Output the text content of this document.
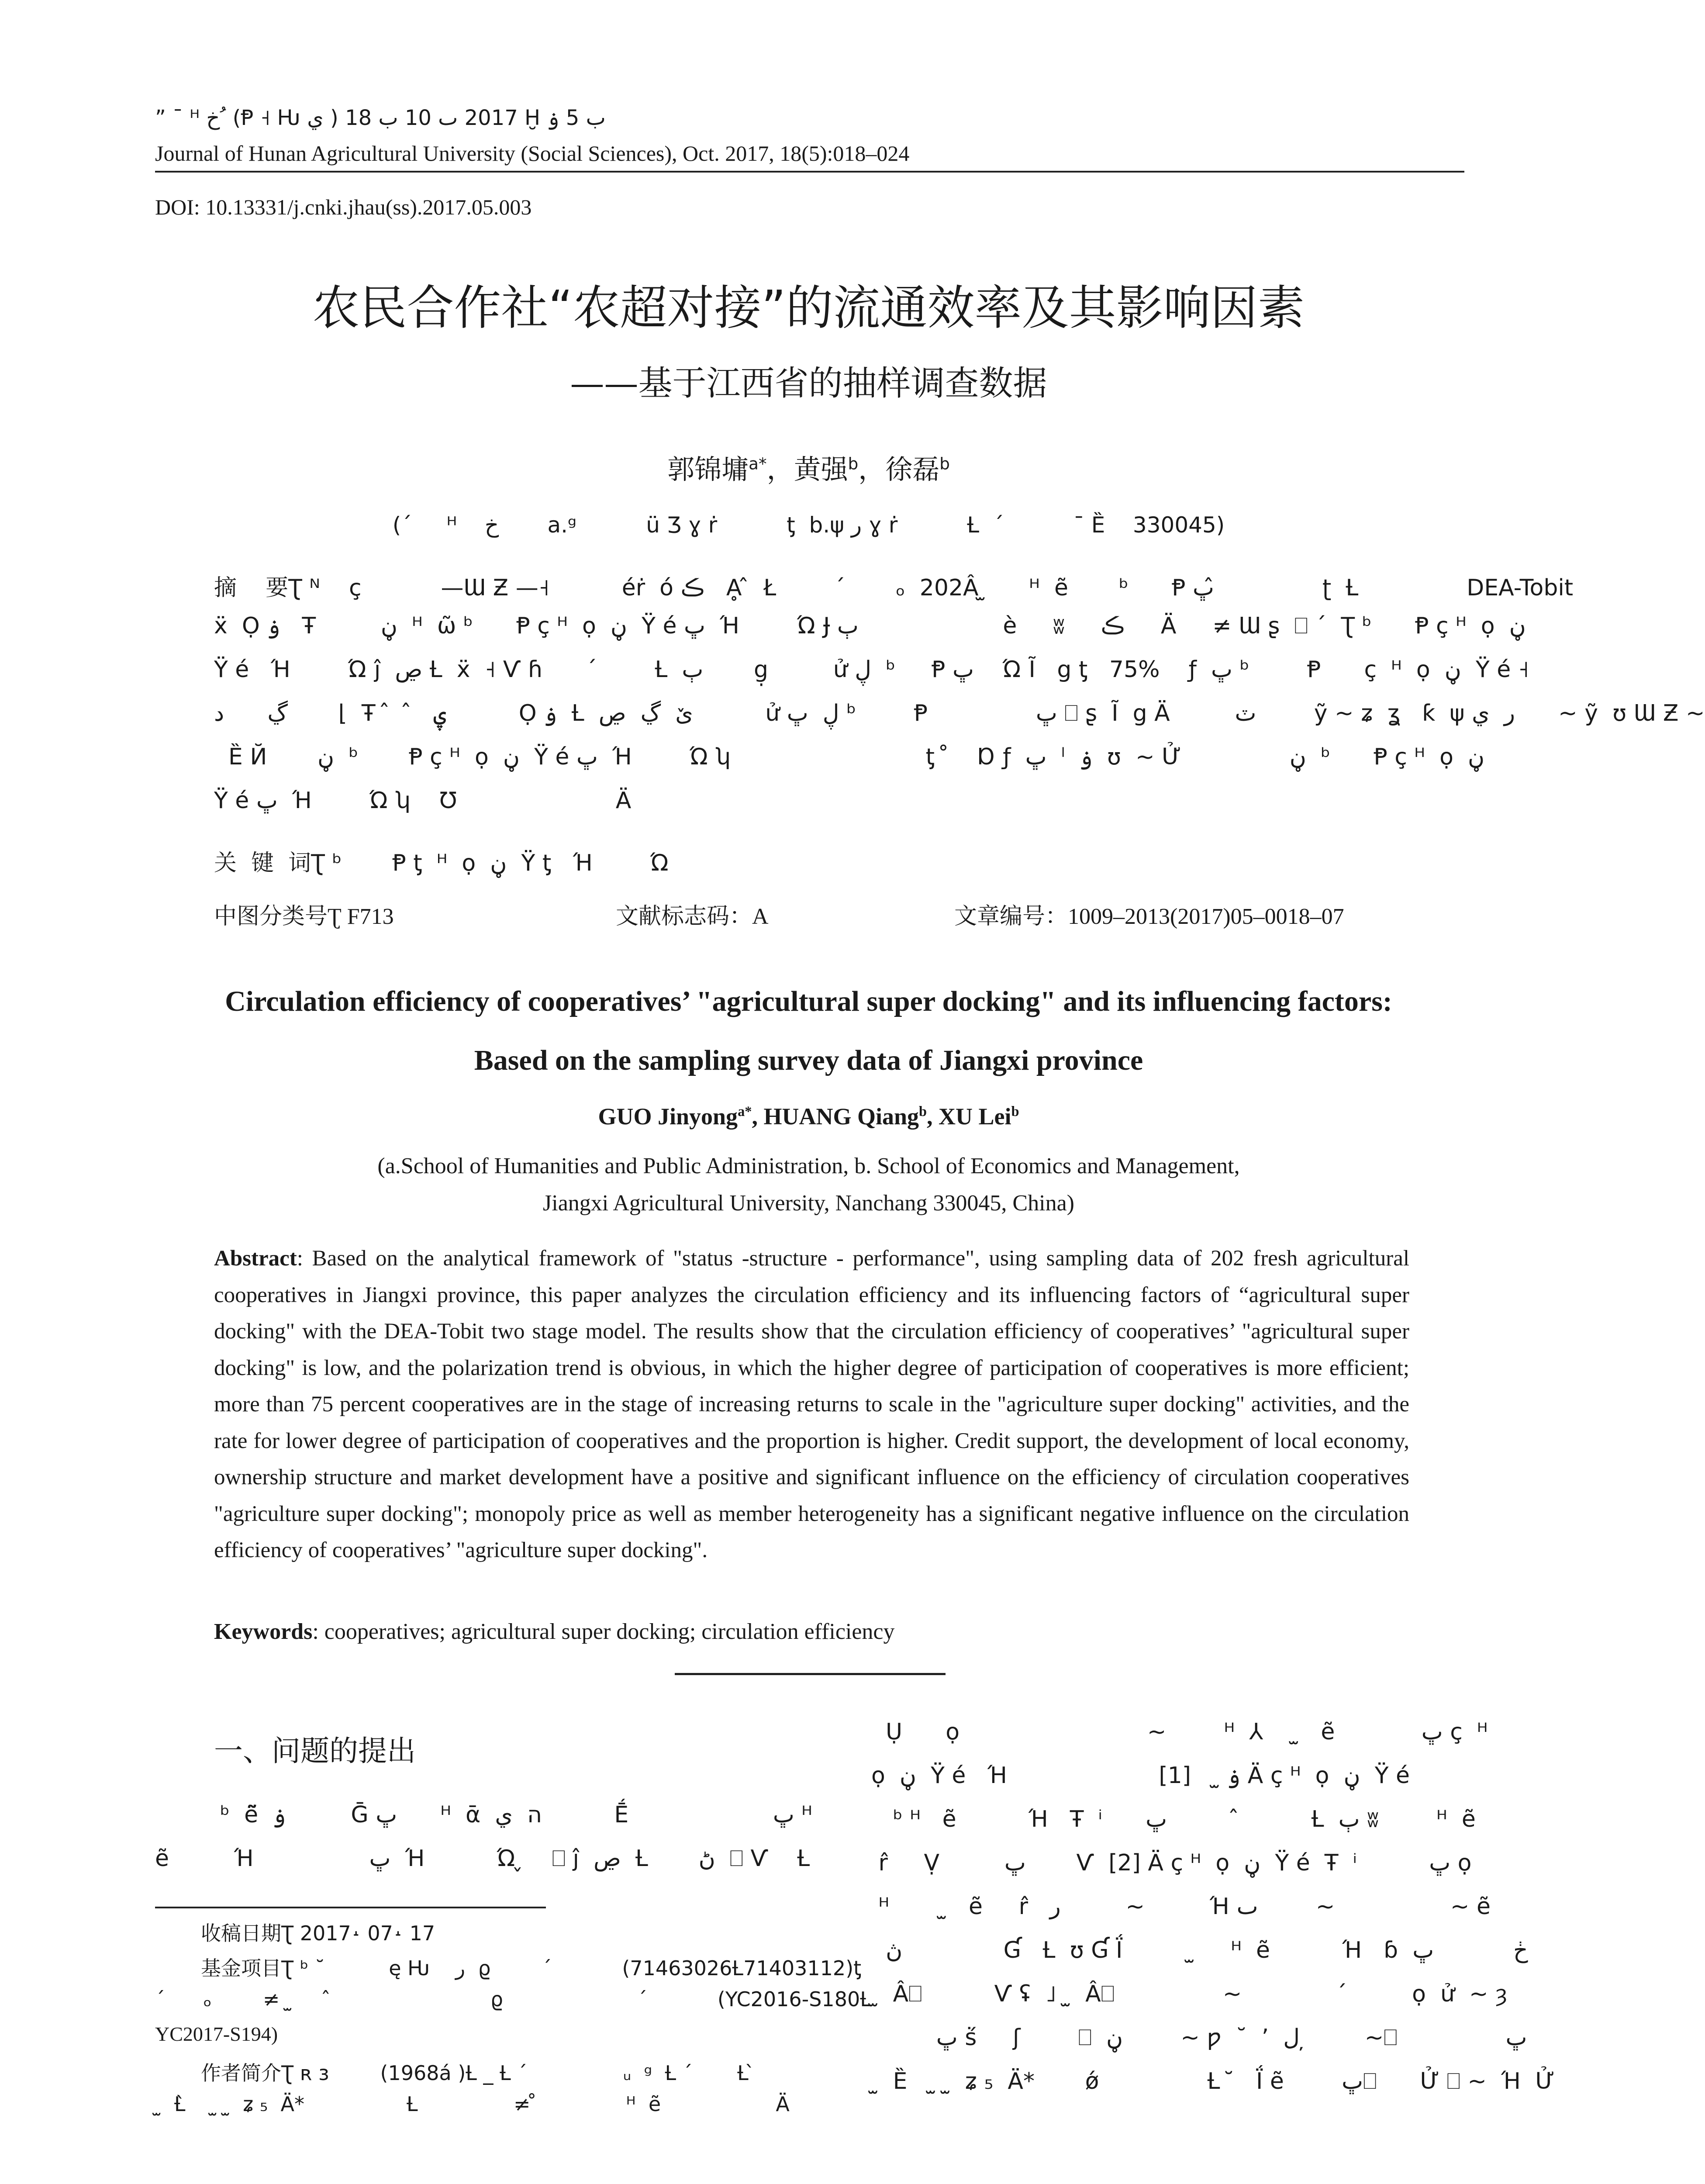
” ¯ ᴴ خ ُ (Ᵽ ˧ Ƕ ي ) 2017 ٮ 10 ب 18 Ḫ ب 5 ۏ
Journal of Hunan Agricultural University (Social Sciences), Oct. 2017, 18(5):018–024
DOI: 10.13331/j.cnki.jhau(ss).2017.05.003
农民合作社“农超对接”的流通效率及其影响因素
——基于江西省的抽样调查数据
郭锦墉$^{a*}$，黄强$^b$，徐磊$^b$
(ˊ     ᴴ    خ       a.ᵍ          ü Ʒ ɣ ṙ          ƫ  b.ψ ﺭ ɣ ṙ          Ƚ  ˊ          ¯ Ȅ    330045)
摘    要Ʈ ᴺ    ç           —Ɯ Ƶ —˧          éṙ  ó ڪ   Ḁ ̂  Ł        ˊ       ₒ  202Â ̫      ᴴ  ẽ       ᵇ      Ᵽ ڀ ̂              ʈ  Ƚ               DEA-Tobit
ẍ  Ọ ۏ   Ŧ         ڼ  ᴴ  ῶ ᵇ      Ᵽ ç ᴴ  ọ  ڼ  Ÿ é ڀ  Ή        Ώ Ɉ ٻ                    è     ʬ     ڪ     Ä     ≠ Ɯ ʂ  ⎕ ˊ  Ʈ ᵇ      Ᵽ ç ᴴ  ọ  ڼ
Ÿ é   Ή        Ώ ĵ  ڝ Ƚ  ẍ  ˧ Ѵ ɦ      ˊ        Ƚ  ٻ       g̣         ử ڸ  ᵇ     Ᵽ ڀ    Ώ Ĩ   g ƫ   75%    ƒ  ڀ ᵇ        Ᵽ      ç  ᴴ  ọ  ڼ  Ÿ é ˧
ڲ      د       ⌊  Ŧ  ̂   ̂   ۑ          Ọ ۏ  Ƚ  ێ  ڲ  ڝ          ử ڸ  ڀ ᵇ        Ᵽ               ڀ ⎕ ʂ  Ĩ  g Ä         ٽ        ỹ ~ ʑ  ʓ   ƙ  ψ ﺭ  ي      ~ ỹ  ʊ Ɯ Ƶ ~
Ȅ Й       ڼ  ᵇ       Ᵽ ç ᴴ  ọ  ڼ  Ÿ é ڀ  Ή        Ώ ʮ                           ƫ  ̊    Ɒ ƒ  ڀ  ˡ  ۏ  ʊ  ~ Ử               ڼ  ᵇ      Ᵽ ç ᴴ  ọ  ڼ
Ÿ é ڀ  Ή        Ώ ʮ    Ʊ                      Ä
关  键  词Ʈ ᵇ       Ᵽ ƫ  ᴴ  ọ  ڼ  Ÿ ƫ   Ή        Ώ
中图分类号Ʈ F713	文献标志码：A	文章编号：1009–2013(2017)05–0018–07
Circulation efficiency of cooperatives’ "agricultural super docking" and its influencing factors:
Based on the sampling survey data of Jiangxi province
GUO Jinyong$^{a*}$, HUANG Qiang$^b$, XU Lei$^b$
(a.School of Humanities and Public Administration, b. School of Economics and Management,
Jiangxi Agricultural University, Nanchang 330045, China)
Abstract: Based on the analytical framework of "status -structure - performance", using sampling data of 202 fresh agricultural cooperatives in Jiangxi province, this paper analyzes the circulation efficiency and its influencing factors of “agricultural super docking" with the DEA-Tobit two stage model. The results show that the circulation efficiency of cooperatives’ "agricultural super docking" is low, and the polarization trend is obvious, in which the higher degree of participation of cooperatives is more efficient; more than 75 percent cooperatives are in the stage of increasing returns to scale in the "agriculture super docking" activities, and the rate for lower degree of participation of cooperatives and the proportion is higher. Credit support, the development of local economy, ownership structure and market development have a positive and significant influence on the efficiency of circulation cooperatives "agriculture super docking"; monopoly price as well as member heterogeneity has a significant negative influence on the circulation efficiency of cooperatives’ "agriculture super docking".
Keywords: cooperatives; agricultural super docking; circulation efficiency
一、问题的提出
ᵇ  ẽ̃  ۏ         Ḡ ڀ      ᴴ  ᾱ  ה  ي          Ḗ                    ڀ ᴴ
ẽ         Ή                ڀ  Ή          Ώ ̬    ⎕ ĵ  ڝ  Ƚ       ڻ  ⎕ Ѵ    Ƚ
Ụ      ọ                          ~        ᴴ  ⅄     ̫   ẽ            ڀ ç  ᴴ
ọ  ڼ  Ÿ é   Ή                     ۏ ̫    [1] Ä ç ᴴ  ọ  ڼ  Ÿ é
ᵇ ᴴ   ẽ          Ή   Ŧ  ⁱ      ڀ           ̂         Ƚ  ٻ ʬ        ᴴ  ẽ
r̂     Ṿ         ڀ       Ѵ  [2] Ä ç ᴴ  ọ  ڼ  Ÿ é  Ŧ  ⁱ          ڀ ọ
ᴴ        ̫   ẽ     r̂   ﺭ         ~         Ή ٮ        ~                ~ ẽ
ڽ              Ɠ   Ƚ  ʊ Ɠ Ḯ          ̫     ᴴ  ẽ          Ή   ɓ  ڂ           ڀ
̫  Â⎕          Ѵ ʢ  ˩  ̫  Â⎕               ~             ˊ         ọ  ử  ~ ȝ
ڀ ṥ     ʃ        ⎕  ڼ        ~ ƿ  ˘  ʼ  ﻝ  ̦       ~⎕               ڀ
̫  Ȅ    ̫  ̫  ʑ ₅  Ä*       ǿ               Ƚ  ̆   Ḯ ẽ        ڀ⎕      Ử ⎕ ~  Ή  Ử
收稿日期Ʈ 2017˔ 07˔ 17
基金项目Ʈ ᵇ ˘          ę Ƕ    ﺭ  ϱ        ˊ           (71463026Ƚ71403112)ƫ
ˊ      ₒ        ≠  ̫      ̂                         ϱ                     ˊ           (YC2016-S180Ƚ
YC2017-S194)
作者简介Ʈ ʀ ɜ        (1968á )Ƚ _ Ƚ ˊ               ᵤ  ᵍ  Ƚ ˊ       Ƚ ̀
̫  Ƚ̀     ̫  ̫  ʑ ₅  Ä*                Ƚ               ≠ ̊              ᴴ  ẽ                  Ä
